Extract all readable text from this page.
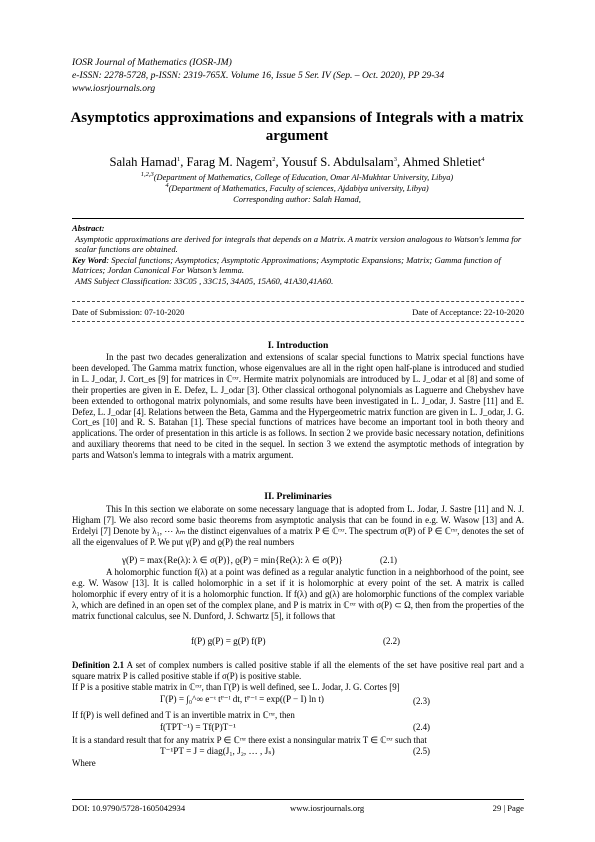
IOSR Journal of Mathematics (IOSR-JM)
e-ISSN: 2278-5728, p-ISSN: 2319-765X. Volume 16, Issue 5 Ser. IV (Sep. – Oct. 2020), PP 29-34
www.iosrjournals.org
Asymptotics approximations and expansions of Integrals with a matrix argument
Salah Hamad$^1$, Farag M. Nagem$^2$, Yousuf S. Abdulsalam$^3$, Ahmed Shletiet$^4$
$^{1,2,3}$(Department of Mathematics, College of Education, Omar Al-Mukhtar University, Libya)
$^4$(Department of Mathematics, Faculty of sciences, Ajdabiya university, Libya)
Corresponding author: Salah Hamad,
Abstract:
Asymptotic approximations are derived for integrals that depends on a Matrix. A matrix version analogous to Watson's lemma for scalar functions are obtained.
Key Word: Special functions; Asymptotics; Asymptotic Approximations; Asymptotic Expansions; Matrix; Gamma function of Matrices; Jordan Canonical For Watson’s lemma.
AMS Subject Classification: 33C05 , 33C15, 34A05, 15A60, 41A30,41A60.
Date of Submission: 07-10-2020	Date of Acceptance: 22-10-2020
I. Introduction
In the past two decades generalization and extensions of scalar special functions to Matrix special functions have been developed. The Gamma matrix function, whose eigenvalues are all in the right open half-plane is introduced and studied in L. J_odar, J. Cort_es [9] for matrices in ℂʳˣʳ. Hermite matrix polynomials are introduced by L. J_odar et al [8] and some of their properties are given in E. Defez, L. J_odar [3]. Other classical orthogonal polynomials as Laguerre and Chebyshev have been extended to orthogonal matrix polynomials, and some results have been investigated in L. J_odar, J. Sastre [11] and E. Defez, L. J_odar [4]. Relations between the Beta, Gamma and the Hypergeometric matrix function are given in L. J_odar, J. G. Cort_es [10] and R. S. Batahan [1]. These special functions of matrices have become an important tool in both theory and applications. The order of presentation in this article is as follows. In section 2 we provide basic necessary notation, definitions and auxiliary theorems that need to be cited in the sequel. In section 3 we extend the asymptotic methods of integration by parts and Watson's lemma to integrals with a matrix argument.
II. Preliminaries
This In this section we elaborate on some necessary language that is adopted from L. Jodar, J. Sastre [11] and N. J. Higham [7]. We also record some basic theorems from asymptotic analysis that can be found in e.g. W. Wasow [13] and A. Erdelyi [7] Denote by λ₁, ⋯ λₘ the distinct eigenvalues of a matrix P ∈ ℂʳˣʳ. The spectrum σ(P) of P ∈ ℂʳˣʳ, denotes the set of all the eigenvalues of P. We put γ(P) and ϱ(P) the real numbers
γ(P) = max{Re(λ): λ ∈ σ(P)}, ϱ(P) = min{Re(λ): λ ∈ σ(P)}	(2.1)
A holomorphic function f(λ) at a point was defined as a regular analytic function in a neighborhood of the point, see e.g. W. Wasow [13]. It is called holomorphic in a set if it is holomorphic at every point of the set. A matrix is called holomorphic if every entry of it is a holomorphic function. If f(λ) and g(λ) are holomorphic functions of the complex variable λ, which are defined in an open set of the complex plane, and P is matrix in ℂʳˣʳ with σ(P) ⊂ Ω, then from the properties of the matrix functional calculus, see N. Dunford, J. Schwartz [5], it follows that
f(P) g(P) = g(P) f(P)	(2.2)
Definition 2.1 A set of complex numbers is called positive stable if all the elements of the set have positive real part and a square matrix P is called positive stable if σ(P) is positive stable.
If P is a positive stable matrix in ℂʳˣʳ, than Γ(P) is well defined, see L. Jodar, J. G. Cortes [9]
Γ(P) = ∫₀^∞ e⁻ᵗ tᴾ⁻ᴵ dt, tᴾ⁻ᴵ = exp((P − I) ln t)	(2.3)
If f(P) is well defined and T is an invertible matrix in ℂʳˣʳ, then
f(TPT⁻¹) = Tf(P)T⁻¹	(2.4)
It is a standard result that for any matrix P ∈ ℂʳˣʳ there exist a nonsingular matrix T ∈ ℂʳˣʳ such that
T⁻¹PT = J = diag(J₁, J₂, … , Jₛ)	(2.5)
Where
DOI: 10.9790/5728-1605042934	www.iosrjournals.org	29 | Page
